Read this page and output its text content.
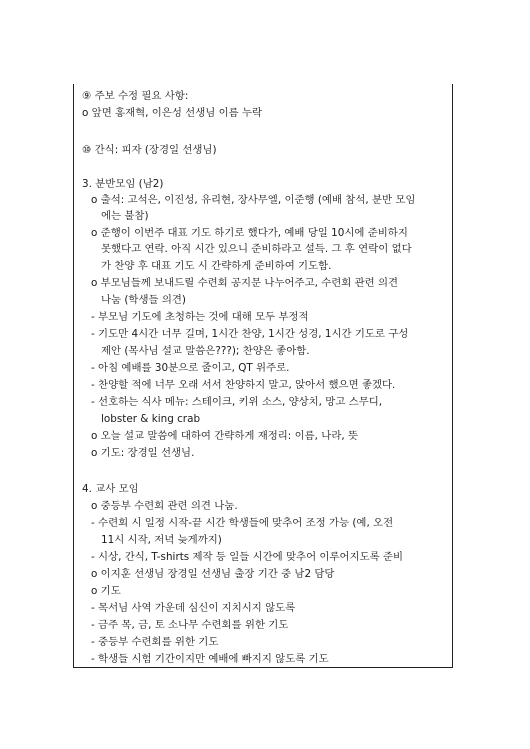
⑨ 주보 수정 필요 사항:
o 앞면 홍재혁, 이은성 선생님 이름 누락
⑩ 간식: 피자 (장경일 선생님)
3. 분반모임 (남2)
o 출석: 고석은, 이진성, 유리현, 장사무엘, 이준행 (예배 참석, 분반 모임
에는 불참)
o 준행이 이번주 대표 기도 하기로 했다가, 예배 당일 10시에 준비하지
못했다고 연락. 아직 시간 있으니 준비하라고 설득. 그 후 연락이 없다
가 찬양 후 대표 기도 시 간략하게 준비하여 기도함.
o 부모님들께 보내드릴 수련회 공지문 나누어주고, 수련회 관련 의견
나눔 (학생들 의견)
- 부모님 기도에 초청하는 것에 대해 모두 부정적
- 기도만 4시간 너무 길며, 1시간 찬양, 1시간 성경, 1시간 기도로 구성
제안 (목사님 설교 말씀은???); 찬양은 좋아함.
- 아침 예배를 30분으로 줄이고, QT 위주로.
- 찬양할 적에 너무 오래 서서 찬양하지 말고, 앉아서 했으면 좋겠다.
- 선호하는 식사 메뉴: 스테이크, 키위 소스, 양상치, 망고 스무디,
lobster & king crab
o 오늘 설교 말씀에 대하여 간략하게 재정리: 이름, 나라, 뜻
o 기도: 장경일 선생님.
4. 교사 모임
o 중등부 수련회 관련 의견 나눔.
- 수련회 시 일정 시작-끝 시간 학생들에 맞추어 조정 가능 (예, 오전
11시 시작, 저녁 늦게까지)
- 시상, 간식, T-shirts 제작 등 일들 시간에 맞추어 이루어지도록 준비
o 이지훈 선생님 장경일 선생님 출장 기간 중 남2 담당
o 기도
- 목서님 사역 가운데 심신이 지치시지 않도록
- 금주 목, 금, 토 소나무 수련회를 위한 기도
- 중등부 수련회를 위한 기도
- 학생들 시험 기간이지만 예배에 빠지지 않도록 기도
